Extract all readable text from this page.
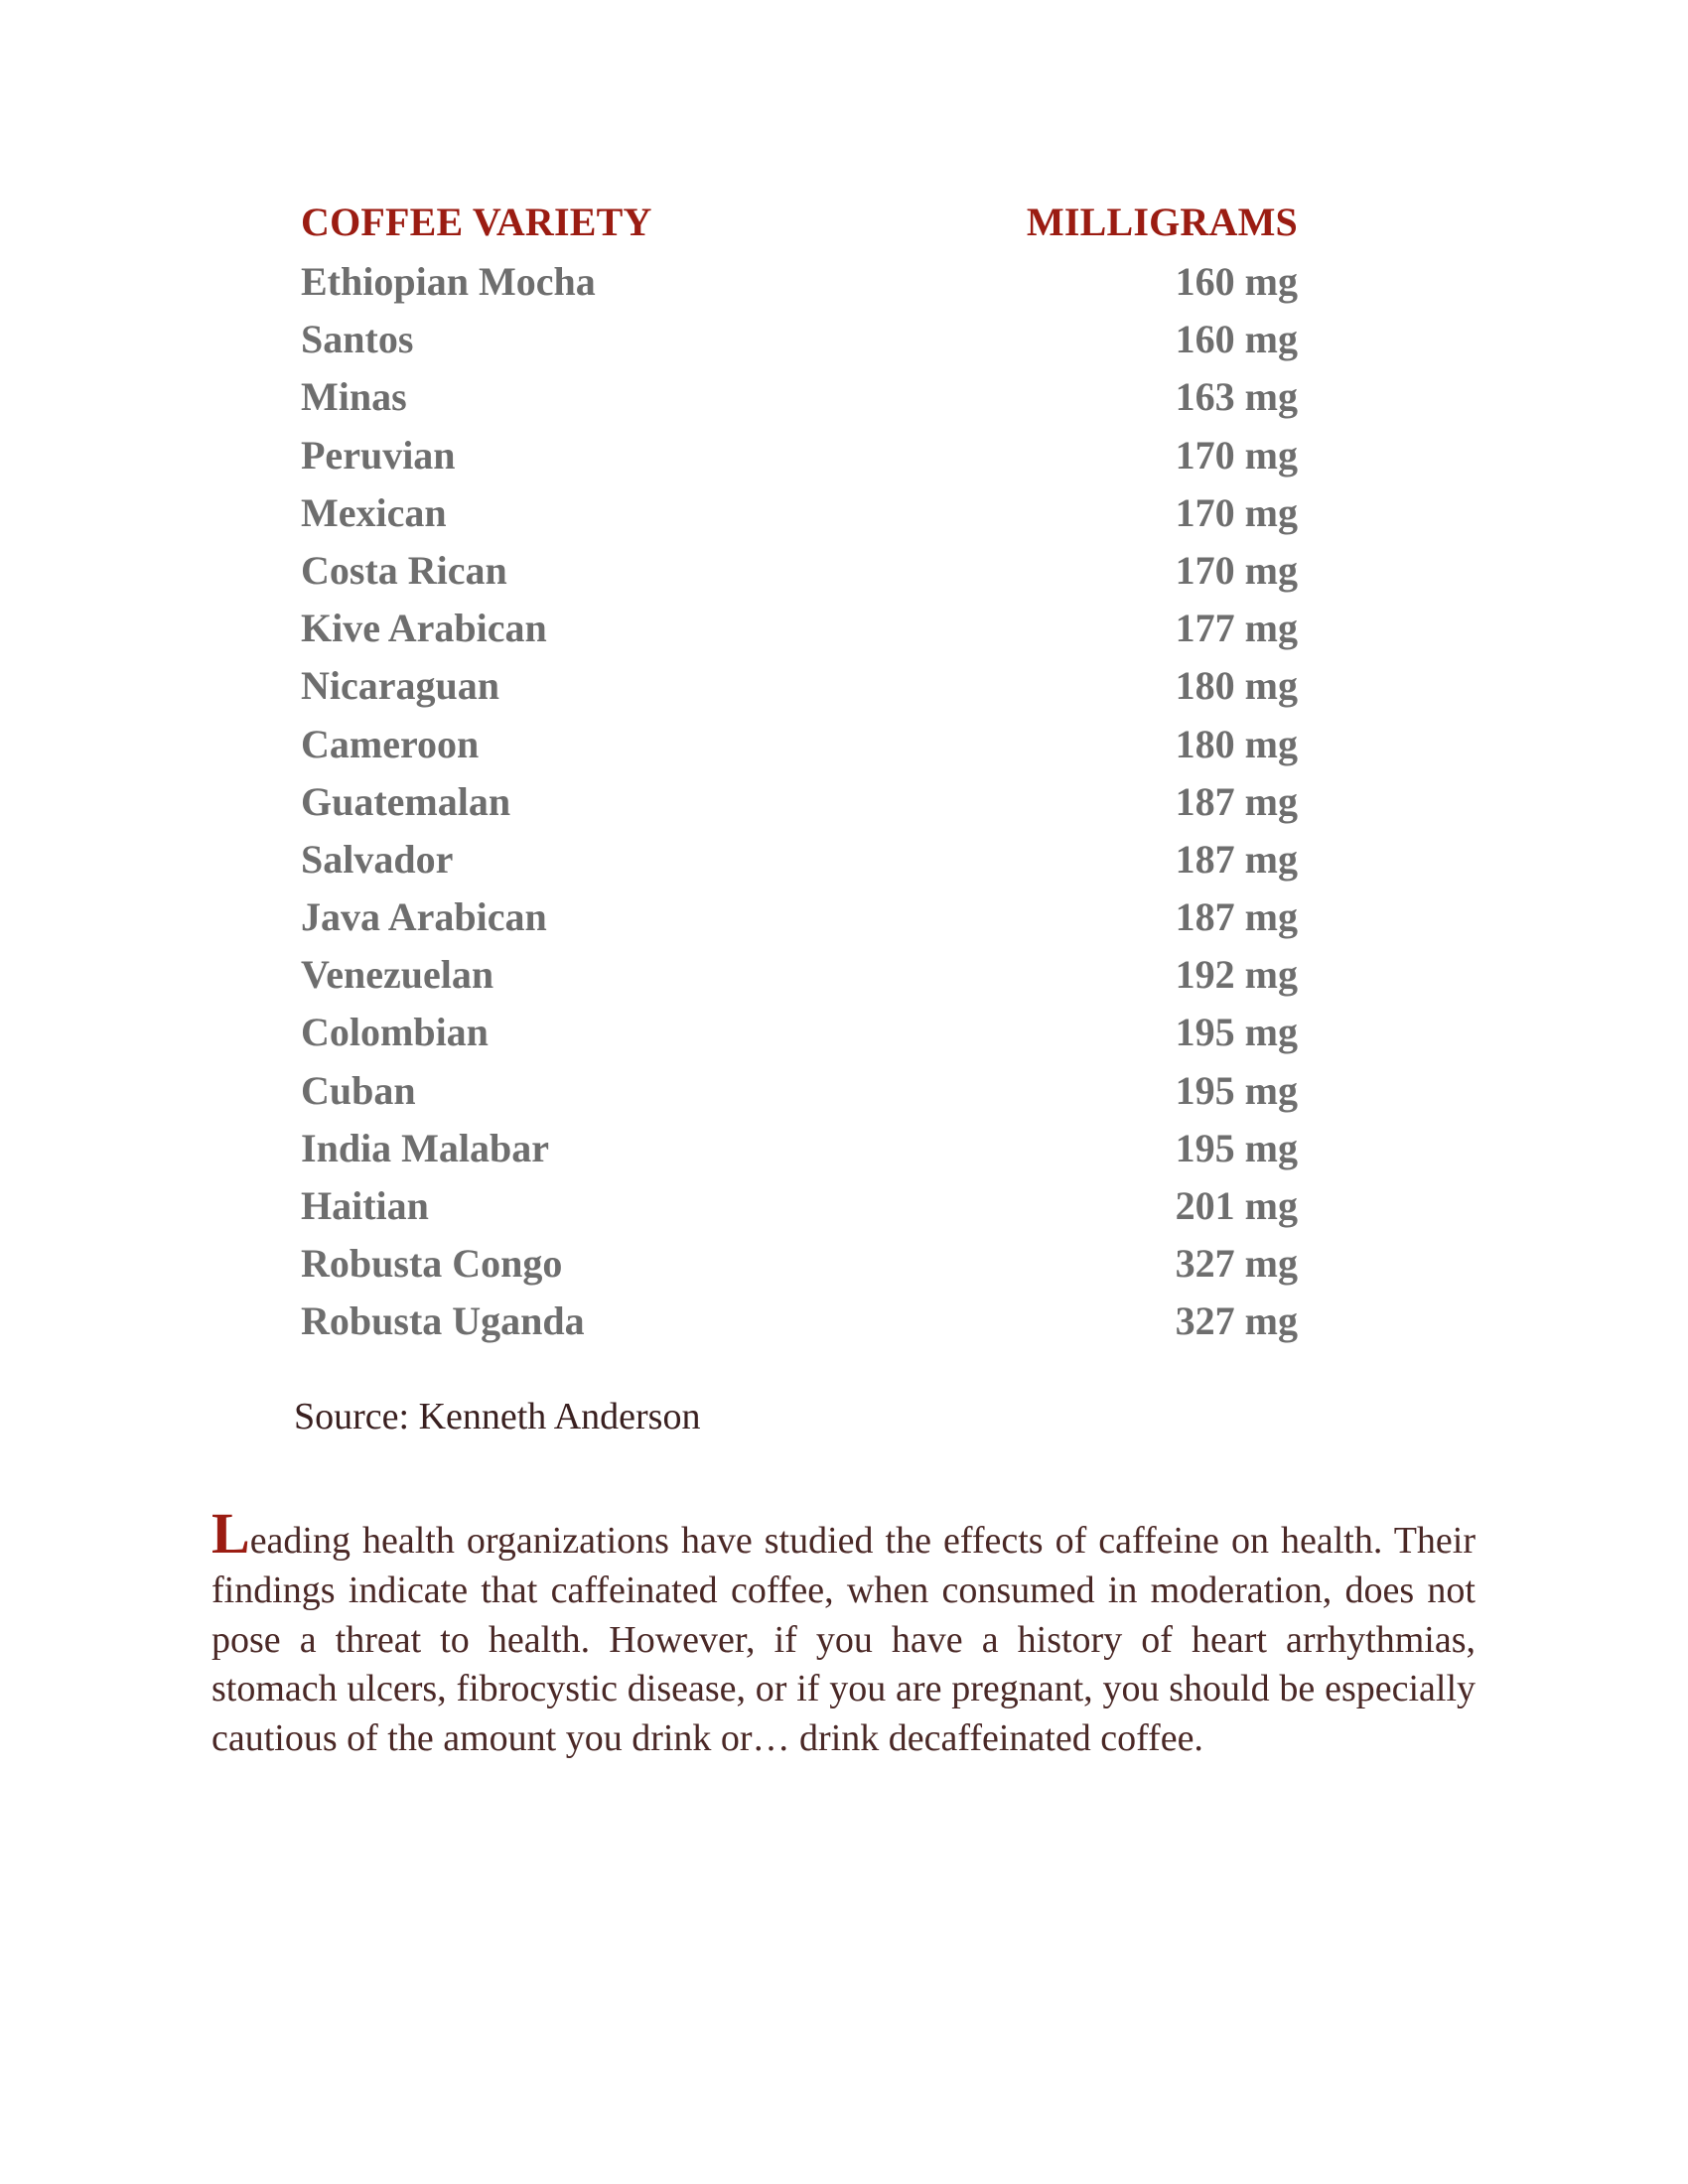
COFFEE VARIETY	MILLIGRAMS
Ethiopian Mocha	160 mg
Santos	160 mg
Minas	163 mg
Peruvian	170 mg
Mexican	170 mg
Costa Rican	170 mg
Kive Arabican	177 mg
Nicaraguan	180 mg
Cameroon	180 mg
Guatemalan	187 mg
Salvador	187 mg
Java Arabican	187 mg
Venezuelan	192 mg
Colombian	195 mg
Cuban	195 mg
India Malabar	195 mg
Haitian	201 mg
Robusta Congo	327 mg
Robusta Uganda	327 mg
Source: Kenneth Anderson

Leading health organizations have studied the effects of caffeine on health. Their findings indicate that caffeinated coffee, when consumed in moderation, does not pose a threat to health. However, if you have a history of heart arrhythmias, stomach ulcers, fibrocystic disease, or if you are pregnant, you should be especially cautious of the amount you drink or… drink decaffeinated coffee.
